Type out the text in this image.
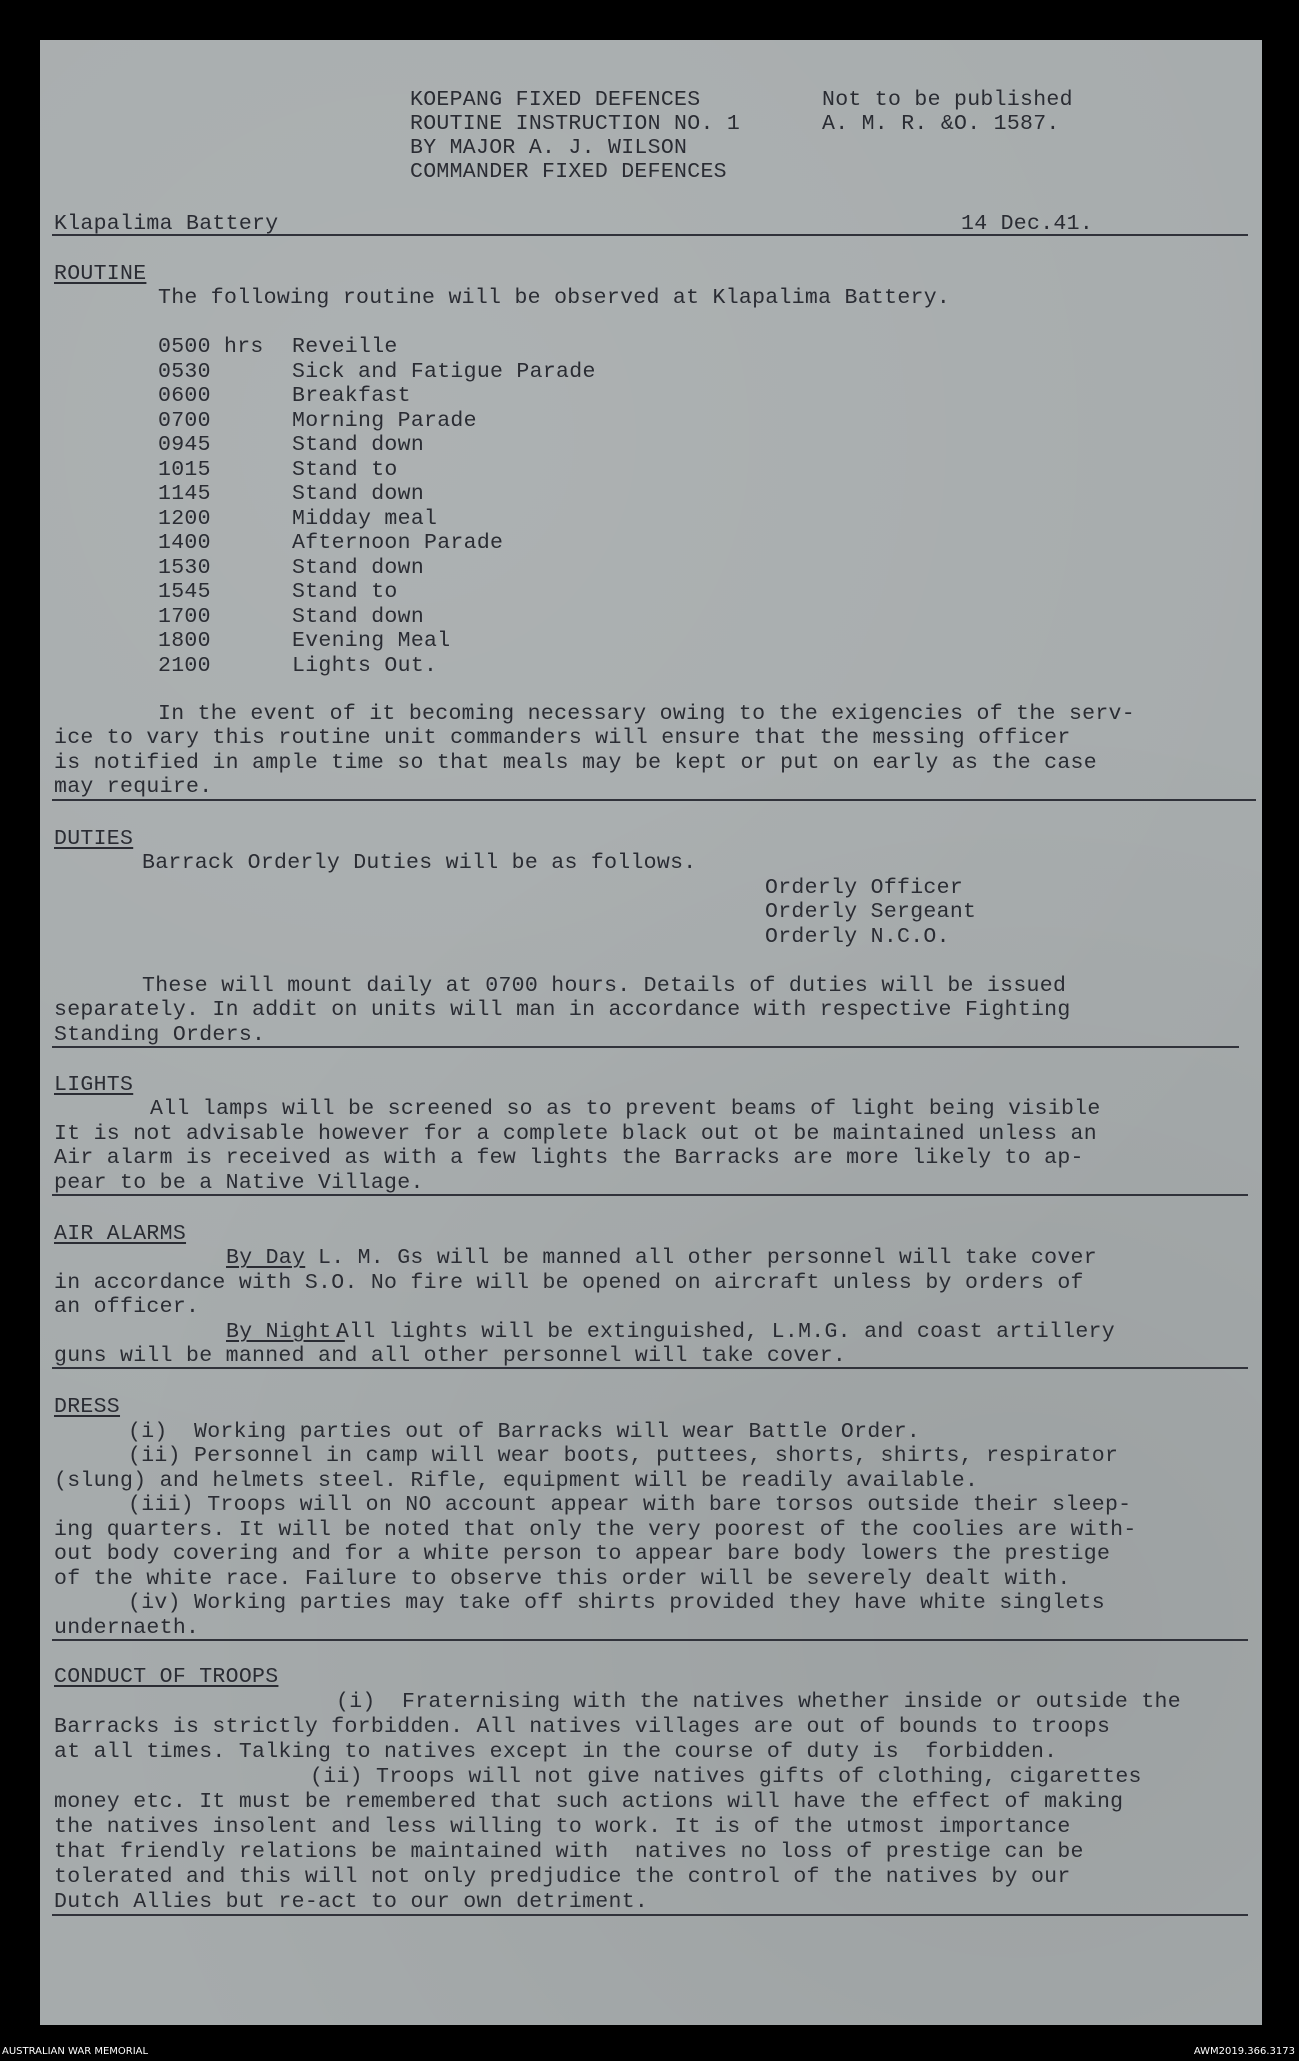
KOEPANG FIXED DEFENCES
ROUTINE INSTRUCTION NO. 1
BY MAJOR A. J. WILSON
COMMANDER FIXED DEFENCES
Not to be published
A. M. R. &O. 1587.
Klapalima Battery	14 Dec.41.
ROUTINE
The following routine will be observed at Klapalima Battery.
0500 hrs Reveille
0530	Sick and Fatigue Parade
0600	Breakfast
0700	Morning Parade
0945	Stand down
1015	Stand to
1145	Stand down
1200	Midday meal
1400	Afternoon Parade
1530	Stand down
1545	Stand to
1700	Stand down
1800	Evening Meal
2100	Lights Out.
In the event of it becoming necessary owing to the exigencies of the serv-
ice to vary this routine unit commanders will ensure that the messing officer
is notified in ample time so that meals may be kept or put on early as the case
may require.
DUTIES
Barrack Orderly Duties will be as follows.
Orderly Officer
Orderly Sergeant
Orderly N.C.O.
These will mount daily at 0700 hours. Details of duties will be issued
separately. In addit on units will man in accordance with respective Fighting
Standing Orders.
LIGHTS
All lamps will be screened so as to prevent beams of light being visible
It is not advisable however for a complete black out ot be maintained unless an
Air alarm is received as with a few lights the Barracks are more likely to ap-
pear to be a Native Village.
AIR ALARMS
By Day L. M. Gs will be manned all other personnel will take cover
in accordance with S.O. No fire will be opened on aircraft unless by orders of
an officer.
By Night.
All lights will be extinguished, L.M.G. and coast artillery
guns will be manned and all other personnel will take cover.
DRESS
(i)  Working parties out of Barracks will wear Battle Order.
(ii) Personnel in camp will wear boots, puttees, shorts, shirts, respirator
(slung) and helmets steel. Rifle, equipment will be readily available.
(iii) Troops will on NO account appear with bare torsos outside their sleep-
ing quarters. It will be noted that only the very poorest of the coolies are with-
out body covering and for a white person to appear bare body lowers the prestige
of the white race. Failure to observe this order will be severely dealt with.
(iv) Working parties may take off shirts provided they have white singlets
undernaeth.
CONDUCT OF TROOPS
(i)  Fraternising with the natives whether inside or outside the
Barracks is strictly forbidden. All natives villages are out of bounds to troops
at all times. Talking to natives except in the course of duty is  forbidden.
(ii) Troops will not give natives gifts of clothing, cigarettes
money etc. It must be remembered that such actions will have the effect of making
the natives insolent and less willing to work. It is of the utmost importance
that friendly relations be maintained with  natives no loss of prestige can be
tolerated and this will not only predjudice the control of the natives by our
Dutch Allies but re-act to our own detriment.
AUSTRALIAN WAR MEMORIAL	AWM2019.366.3173
